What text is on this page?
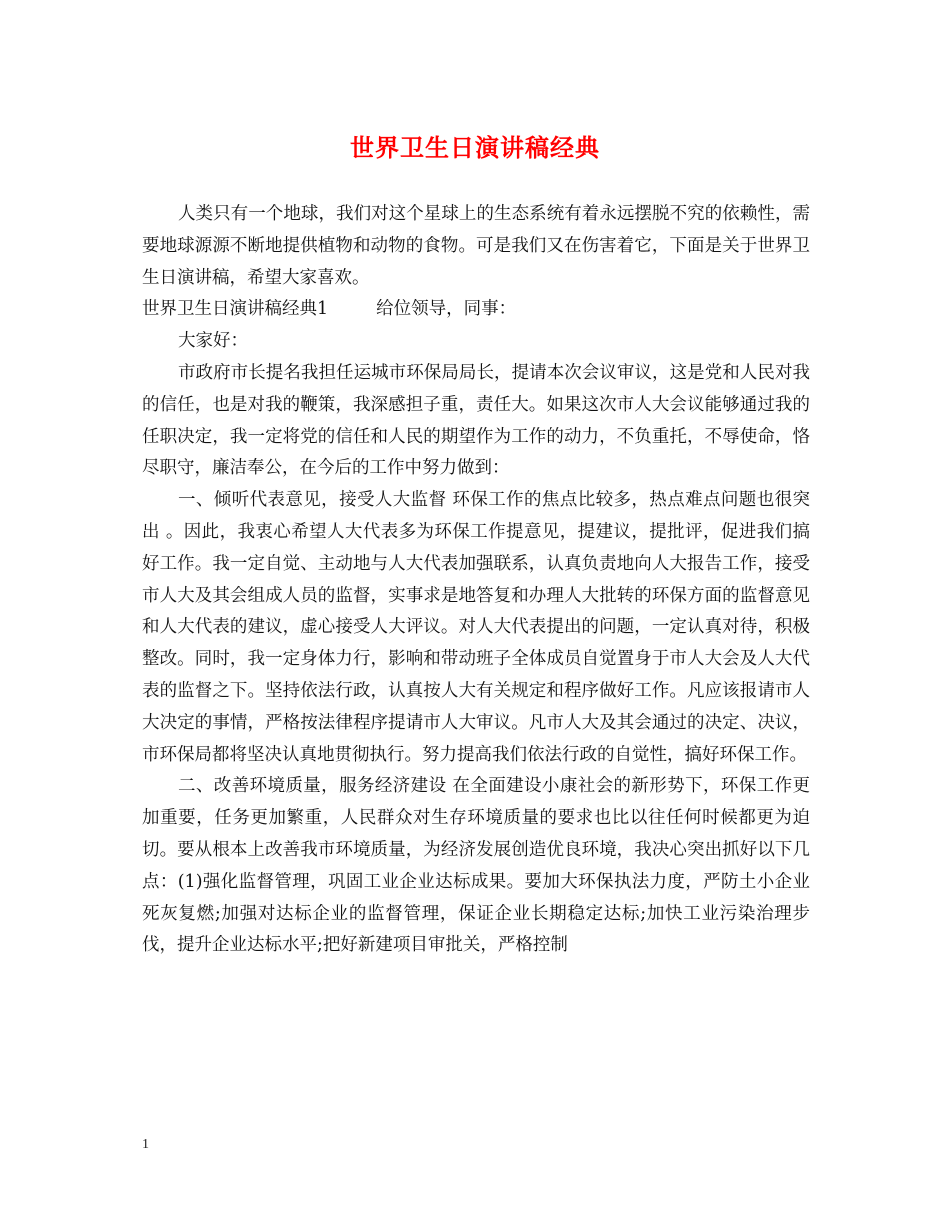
世界卫生日演讲稿经典

人类只有一个地球，我们对这个星球上的生态系统有着永远摆脱不究的依赖性，需要地球源源不断地提供植物和动物的食物。可是我们又在伤害着它，下面是关于世界卫生日演讲稿，希望大家喜欢。

世界卫生日演讲稿经典1	给位领导，同事：

大家好：

市政府市长提名我担任运城市环保局局长，提请本次会议审议，这是党和人民对我的信任，也是对我的鞭策，我深感担子重，责任大。如果这次市人大会议能够通过我的任职决定，我一定将党的信任和人民的期望作为工作的动力，不负重托，不辱使命，恪尽职守，廉洁奉公，在今后的工作中努力做到：

一、倾听代表意见，接受人大监督 环保工作的焦点比较多，热点难点问题也很突出 。因此，我衷心希望人大代表多为环保工作提意见，提建议，提批评，促进我们搞好工作。我一定自觉、主动地与人大代表加强联系，认真负责地向人大报告工作，接受市人大及其会组成人员的监督，实事求是地答复和办理人大批转的环保方面的监督意见和人大代表的建议，虚心接受人大评议。对人大代表提出的问题，一定认真对待，积极整改。同时，我一定身体力行，影响和带动班子全体成员自觉置身于市人大会及人大代表的监督之下。坚持依法行政，认真按人大有关规定和程序做好工作。凡应该报请市人大决定的事情，严格按法律程序提请市人大审议。凡市人大及其会通过的决定、决议，市环保局都将坚决认真地贯彻执行。努力提高我们依法行政的自觉性，搞好环保工作。

二、改善环境质量，服务经济建设 在全面建设小康社会的新形势下，环保工作更加重要，任务更加繁重，人民群众对生存环境质量的要求也比以往任何时候都更为迫切。要从根本上改善我市环境质量，为经济发展创造优良环境，我决心突出抓好以下几点：(1)强化监督管理，巩固工业企业达标成果。要加大环保执法力度，严防土小企业死灰复燃;加强对达标企业的监督管理，保证企业长期稳定达标;加快工业污染治理步伐，提升企业达标水平;把好新建项目审批关，严格控制

1
